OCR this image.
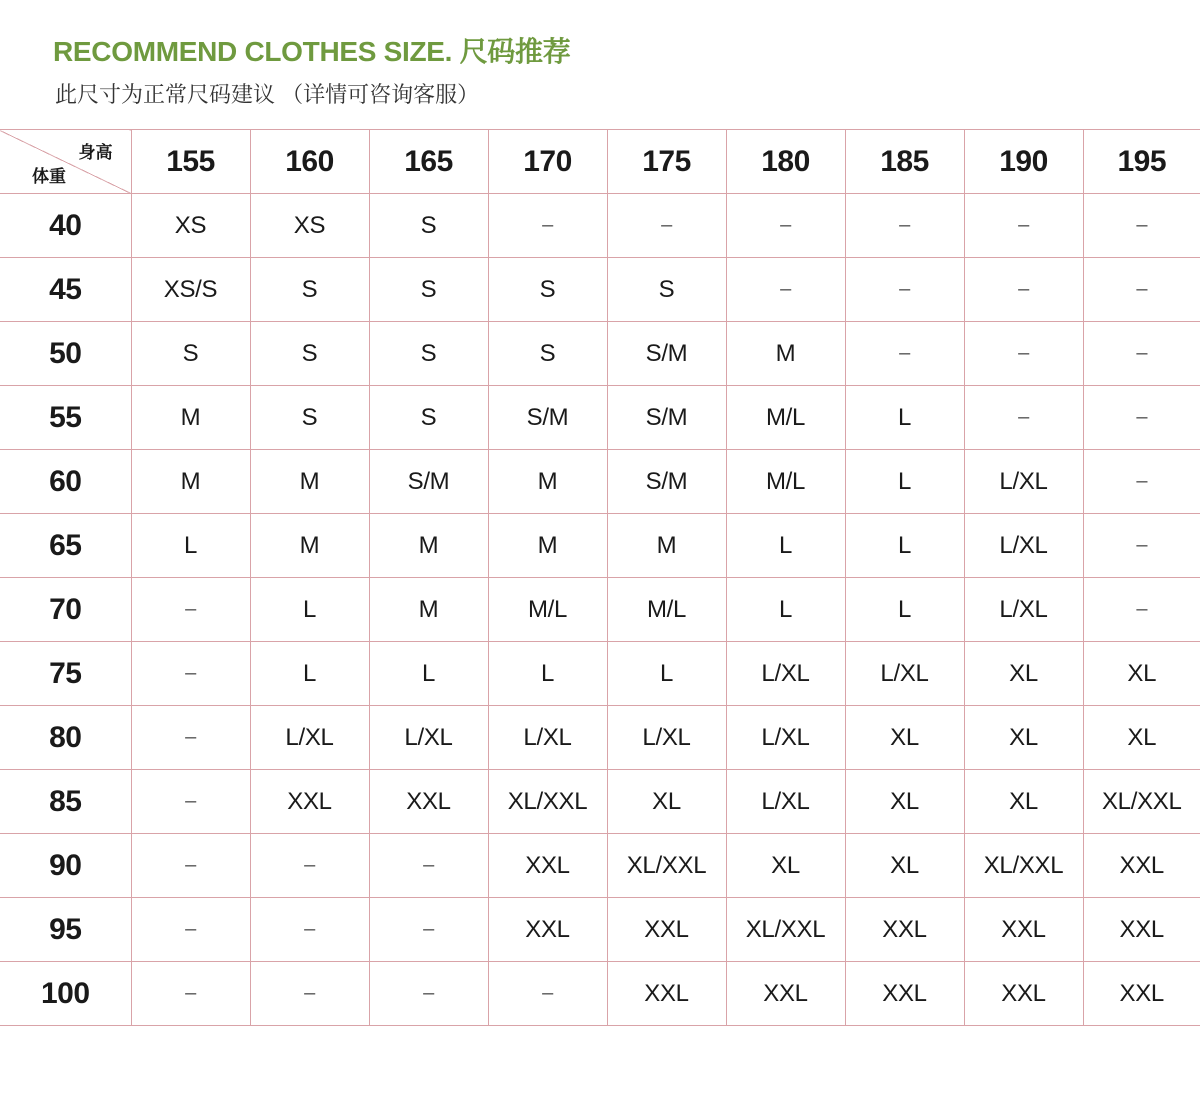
RECOMMEND CLOTHES SIZE. 尺码推荐

此尺寸为正常尺码建议 （详情可咨询客服）

身高
体重	155	160	165	170	175	180	185	190	195
40	XS	XS	S	–	–	–	–	–	–
45	XS/S	S	S	S	S	–	–	–	–
50	S	S	S	S	S/M	M	–	–	–
55	M	S	S	S/M	S/M	M/L	L	–	–
60	M	M	S/M	M	S/M	M/L	L	L/XL	–
65	L	M	M	M	M	L	L	L/XL	–
70	–	L	M	M/L	M/L	L	L	L/XL	–
75	–	L	L	L	L	L/XL	L/XL	XL	XL
80	–	L/XL	L/XL	L/XL	L/XL	L/XL	XL	XL	XL
85	–	XXL	XXL	XL/XXL	XL	L/XL	XL	XL	XL/XXL
90	–	–	–	XXL	XL/XXL	XL	XL	XL/XXL	XXL
95	–	–	–	XXL	XXL	XL/XXL	XXL	XXL	XXL
100	–	–	–	–	XXL	XXL	XXL	XXL	XXL
